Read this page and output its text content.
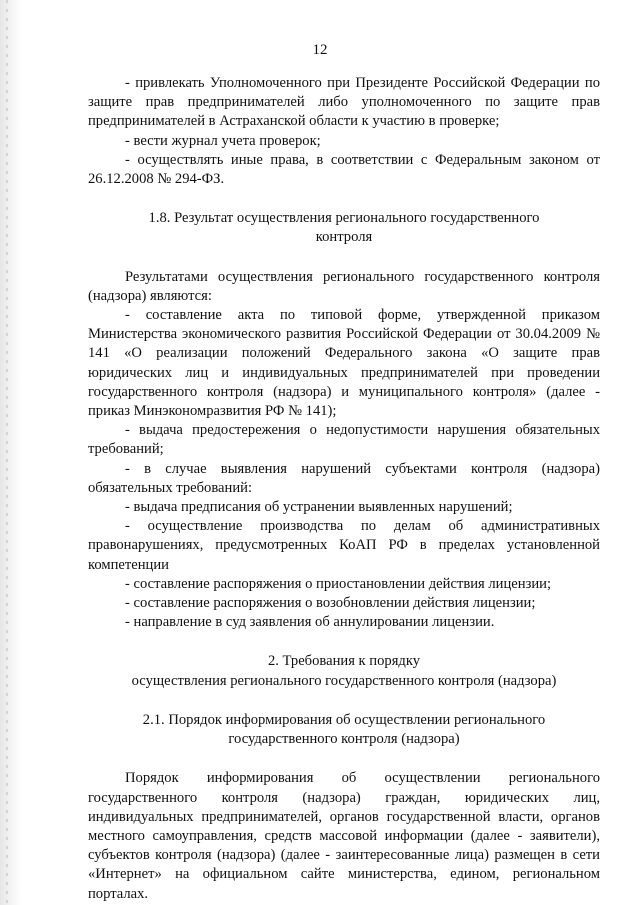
12

- привлекать Уполномоченного при Президенте Российской Федерации по защите прав предпринимателей либо уполномоченного по защите прав предпринимателей в Астраханской области к участию в проверке;

- вести журнал учета проверок;

- осуществлять иные права, в соответствии с Федеральным законом от 26.12.2008 № 294-ФЗ.

1.8. Результат осуществления регионального государственного контроля

Результатами осуществления регионального государственного контроля (надзора) являются:

- составление акта по типовой форме, утвержденной приказом Министерства экономического развития Российской Федерации от 30.04.2009 № 141 «О реализации положений Федерального закона «О защите прав юридических лиц и индивидуальных предпринимателей при проведении государственного контроля (надзора) и муниципального контроля» (далее - приказ Минэкономразвития РФ № 141);

- выдача предостережения о недопустимости нарушения обязательных требований;

- в случае выявления нарушений субъектами контроля (надзора) обязательных требований:

- выдача предписания об устранении выявленных нарушений;

- осуществление производства по делам об административных правонарушениях, предусмотренных КоАП РФ в пределах установленной компетенции

- составление распоряжения о приостановлении действия лицензии;

- составление распоряжения о возобновлении действия лицензии;

- направление в суд заявления об аннулировании лицензии.

2. Требования к порядку

осуществления регионального государственного контроля (надзора)

2.1. Порядок информирования об осуществлении регионального государственного контроля (надзора)

Порядок информирования об осуществлении регионального государственного контроля (надзора) граждан, юридических лиц, индивидуальных предпринимателей, органов государственной власти, органов местного самоуправления, средств массовой информации (далее - заявители), субъектов контроля (надзора) (далее - заинтересованные лица) размещен в сети «Интернет» на официальном сайте министерства, едином, региональном порталах.
